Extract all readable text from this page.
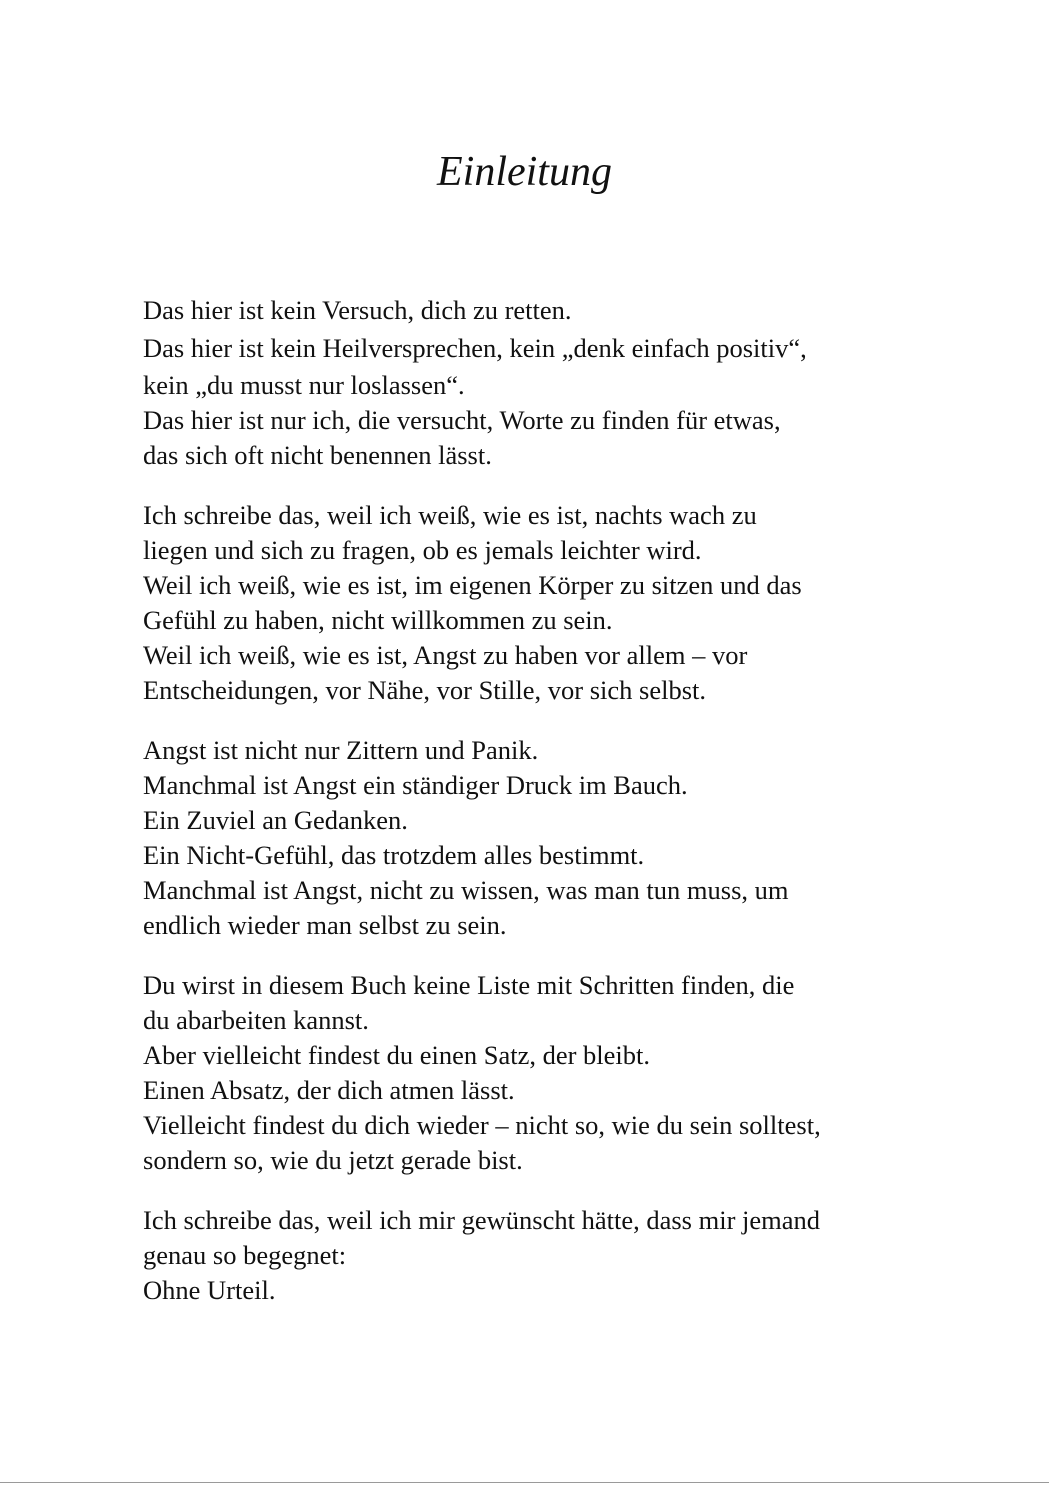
Einleitung

Das hier ist kein Versuch, dich zu retten.
Das hier ist kein Heilversprechen, kein „denk einfach positiv“,
kein „du musst nur loslassen“.
Das hier ist nur ich, die versucht, Worte zu finden für etwas,
das sich oft nicht benennen lässt.

Ich schreibe das, weil ich weiß, wie es ist, nachts wach zu
liegen und sich zu fragen, ob es jemals leichter wird.
Weil ich weiß, wie es ist, im eigenen Körper zu sitzen und das
Gefühl zu haben, nicht willkommen zu sein.
Weil ich weiß, wie es ist, Angst zu haben vor allem – vor
Entscheidungen, vor Nähe, vor Stille, vor sich selbst.

Angst ist nicht nur Zittern und Panik.
Manchmal ist Angst ein ständiger Druck im Bauch.
Ein Zuviel an Gedanken.
Ein Nicht-Gefühl, das trotzdem alles bestimmt.
Manchmal ist Angst, nicht zu wissen, was man tun muss, um
endlich wieder man selbst zu sein.

Du wirst in diesem Buch keine Liste mit Schritten finden, die
du abarbeiten kannst.
Aber vielleicht findest du einen Satz, der bleibt.
Einen Absatz, der dich atmen lässt.
Vielleicht findest du dich wieder – nicht so, wie du sein solltest,
sondern so, wie du jetzt gerade bist.

Ich schreibe das, weil ich mir gewünscht hätte, dass mir jemand
genau so begegnet:
Ohne Urteil.
